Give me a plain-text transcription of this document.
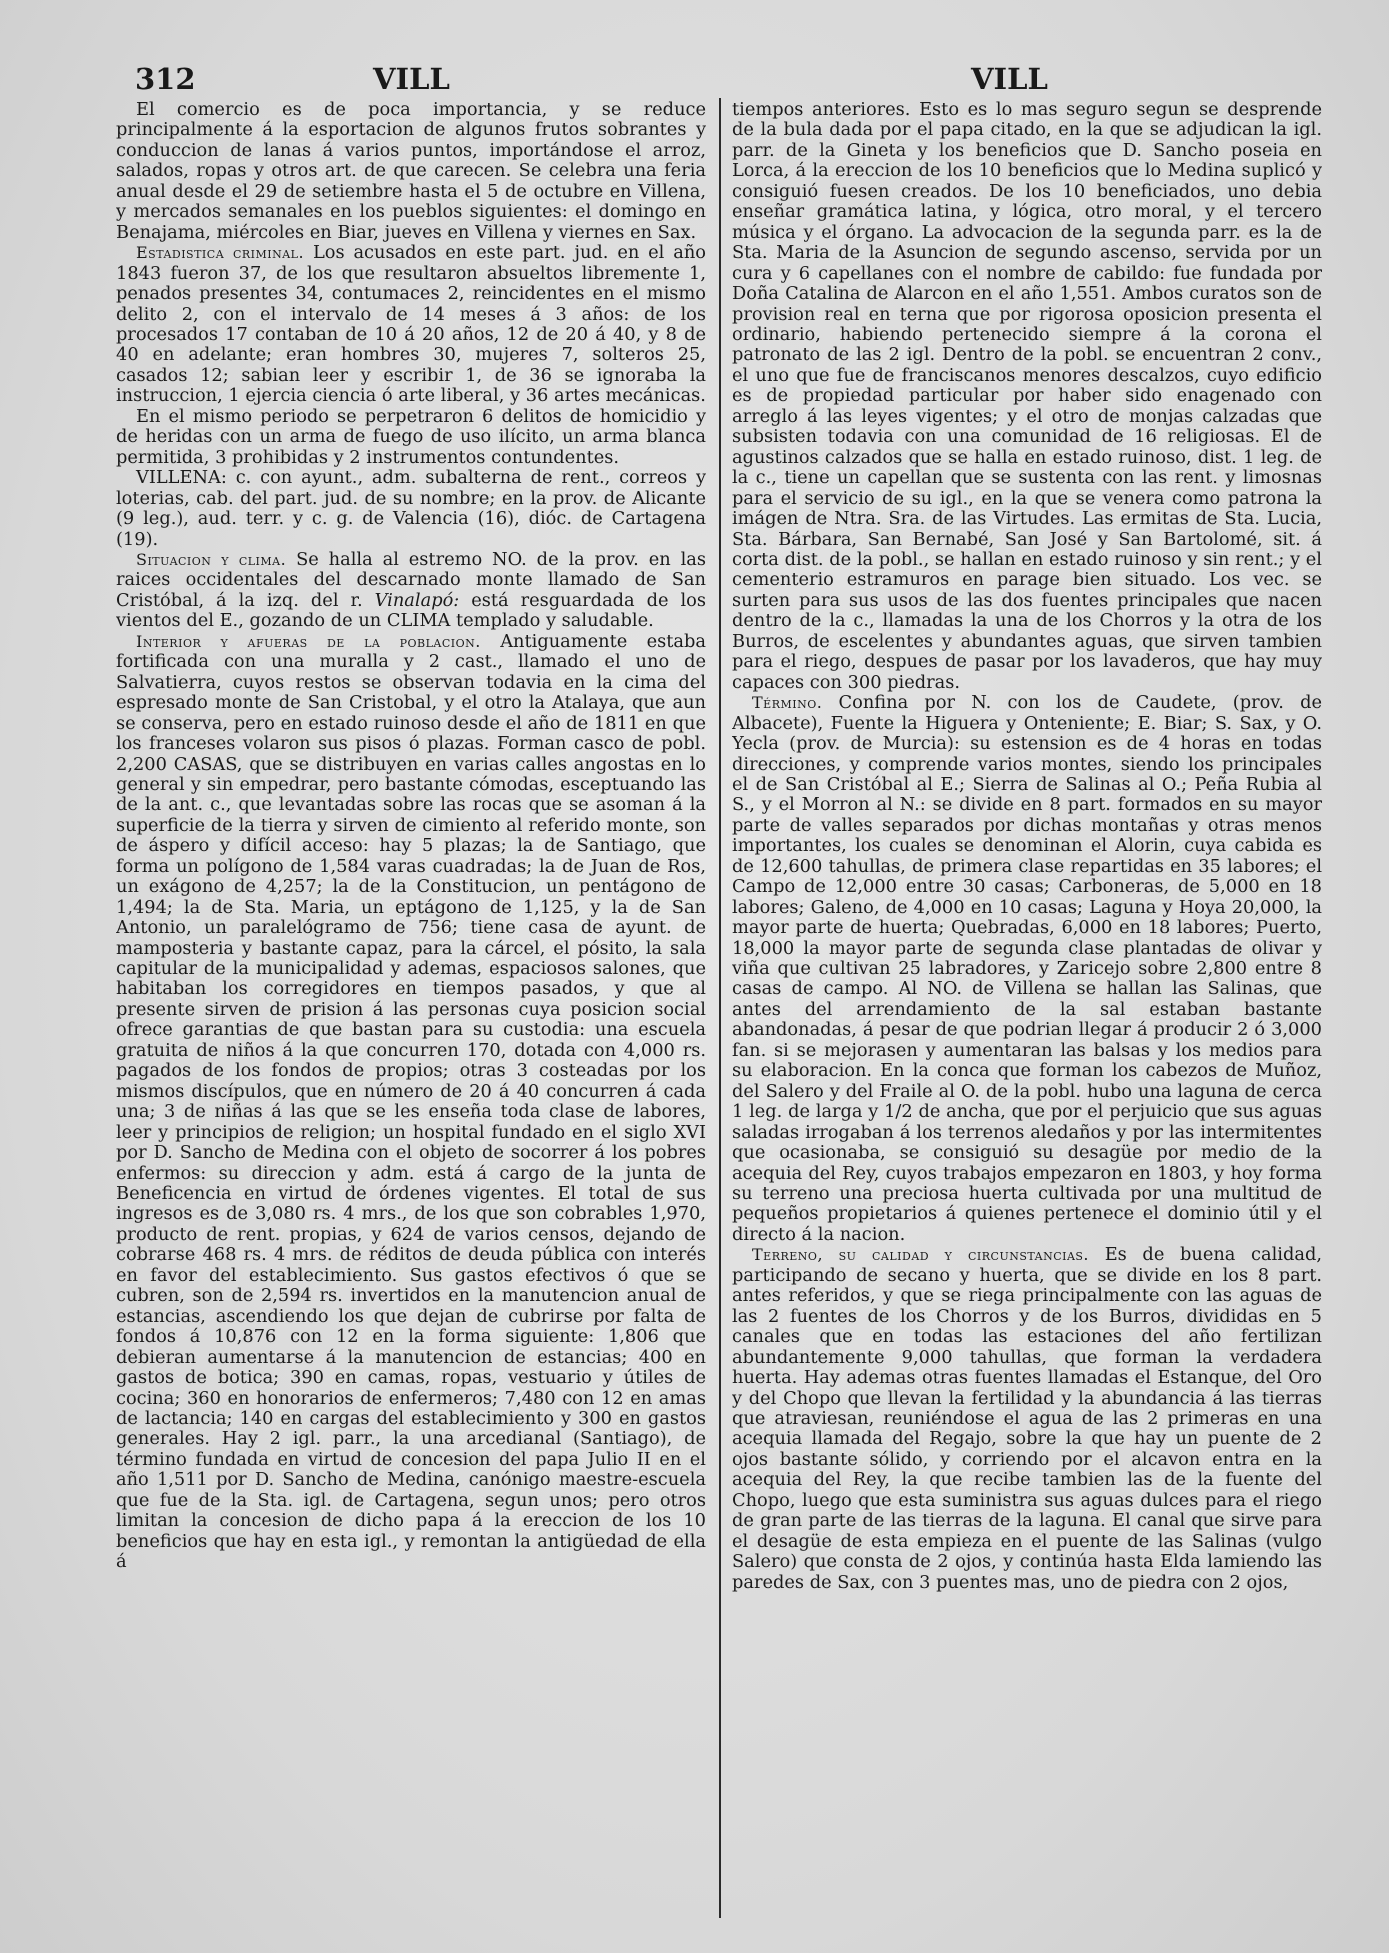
312	VILL	VILL

El comercio es de poca importancia, y se reduce principalmente á la esportacion de algunos frutos sobrantes y conduccion de lanas á varios puntos, importándose el arroz, salados, ropas y otros art. de que carecen. Se celebra una feria anual desde el 29 de setiembre hasta el 5 de octubre en Villena, y mercados semanales en los pueblos siguientes: el domingo en Benajama, miércoles en Biar, jueves en Villena y viernes en Sax.

Estadistica criminal. Los acusados en este part. jud. en el año 1843 fueron 37, de los que resultaron absueltos libremente 1, penados presentes 34, contumaces 2, reincidentes en el mismo delito 2, con el intervalo de 14 meses á 3 años: de los procesados 17 contaban de 10 á 20 años, 12 de 20 á 40, y 8 de 40 en adelante; eran hombres 30, mujeres 7, solteros 25, casados 12; sabian leer y escribir 1, de 36 se ignoraba la instruccion, 1 ejercia ciencia ó arte liberal, y 36 artes mecánicas.

En el mismo periodo se perpetraron 6 delitos de homicidio y de heridas con un arma de fuego de uso ilícito, un arma blanca permitida, 3 prohibidas y 2 instrumentos contundentes.

VILLENA: c. con ayunt., adm. subalterna de rent., correos y loterias, cab. del part. jud. de su nombre; en la prov. de Alicante (9 leg.), aud. terr. y c. g. de Valencia (16), dióc. de Cartagena (19).

Situacion y clima. Se halla al estremo NO. de la prov. en las raices occidentales del descarnado monte llamado de San Cristóbal, á la izq. del r. Vinalapó: está resguardada de los vientos del E., gozando de un CLIMA templado y saludable.

Interior y afueras de la poblacion. Antiguamente estaba fortificada con una muralla y 2 cast., llamado el uno de Salvatierra, cuyos restos se observan todavia en la cima del espresado monte de San Cristobal, y el otro la Atalaya, que aun se conserva, pero en estado ruinoso desde el año de 1811 en que los franceses volaron sus pisos ó plazas. Forman casco de pobl. 2,200 CASAS, que se distribuyen en varias calles angostas en lo general y sin empedrar, pero bastante cómodas, esceptuando las de la ant. c., que levantadas sobre las rocas que se asoman á la superficie de la tierra y sirven de cimiento al referido monte, son de áspero y difícil acceso: hay 5 plazas; la de Santiago, que forma un polígono de 1,584 varas cuadradas; la de Juan de Ros, un exágono de 4,257; la de la Constitucion, un pentágono de 1,494; la de Sta. Maria, un eptágono de 1,125, y la de San Antonio, un paralelógramo de 756; tiene casa de ayunt. de mamposteria y bastante capaz, para la cárcel, el pósito, la sala capitular de la municipalidad y ademas, espaciosos salones, que habitaban los corregidores en tiempos pasados, y que al presente sirven de prision á las personas cuya posicion social ofrece garantias de que bastan para su custodia: una escuela gratuita de niños á la que concurren 170, dotada con 4,000 rs. pagados de los fondos de propios; otras 3 costeadas por los mismos discípulos, que en número de 20 á 40 concurren á cada una; 3 de niñas á las que se les enseña toda clase de labores, leer y principios de religion; un hospital fundado en el siglo XVI por D. Sancho de Medina con el objeto de socorrer á los pobres enfermos: su direccion y adm. está á cargo de la junta de Beneficencia en virtud de órdenes vigentes. El total de sus ingresos es de 3,080 rs. 4 mrs., de los que son cobrables 1,970, producto de rent. propias, y 624 de varios censos, dejando de cobrarse 468 rs. 4 mrs. de réditos de deuda pública con interés en favor del establecimiento. Sus gastos efectivos ó que se cubren, son de 2,594 rs. invertidos en la manutencion anual de estancias, ascendiendo los que dejan de cubrirse por falta de fondos á 10,876 con 12 en la forma siguiente: 1,806 que debieran aumentarse á la manutencion de estancias; 400 en gastos de botica; 390 en camas, ropas, vestuario y útiles de cocina; 360 en honorarios de enfermeros; 7,480 con 12 en amas de lactancia; 140 en cargas del establecimiento y 300 en gastos generales. Hay 2 igl. parr., la una arcedianal (Santiago), de término fundada en virtud de concesion del papa Julio II en el año 1,511 por D. Sancho de Medina, canónigo maestre-escuela que fue de la Sta. igl. de Cartagena, segun unos; pero otros limitan la concesion de dicho papa á la ereccion de los 10 beneficios que hay en esta igl., y remontan la antigüedad de ella á

tiempos anteriores. Esto es lo mas seguro segun se desprende de la bula dada por el papa citado, en la que se adjudican la igl. parr. de la Gineta y los beneficios que D. Sancho poseia en Lorca, á la ereccion de los 10 beneficios que lo Medina suplicó y consiguió fuesen creados. De los 10 beneficiados, uno debia enseñar gramática latina, y lógica, otro moral, y el tercero música y el órgano. La advocacion de la segunda parr. es la de Sta. Maria de la Asuncion de segundo ascenso, servida por un cura y 6 capellanes con el nombre de cabildo: fue fundada por Doña Catalina de Alarcon en el año 1,551. Ambos curatos son de provision real en terna que por rigorosa oposicion presenta el ordinario, habiendo pertenecido siempre á la corona el patronato de las 2 igl. Dentro de la pobl. se encuentran 2 conv., el uno que fue de franciscanos menores descalzos, cuyo edificio es de propiedad particular por haber sido enagenado con arreglo á las leyes vigentes; y el otro de monjas calzadas que subsisten todavia con una comunidad de 16 religiosas. El de agustinos calzados que se halla en estado ruinoso, dist. 1 leg. de la c., tiene un capellan que se sustenta con las rent. y limosnas para el servicio de su igl., en la que se venera como patrona la imágen de Ntra. Sra. de las Virtudes. Las ermitas de Sta. Lucia, Sta. Bárbara, San Bernabé, San José y San Bartolomé, sit. á corta dist. de la pobl., se hallan en estado ruinoso y sin rent.; y el cementerio estramuros en parage bien situado. Los vec. se surten para sus usos de las dos fuentes principales que nacen dentro de la c., llamadas la una de los Chorros y la otra de los Burros, de escelentes y abundantes aguas, que sirven tambien para el riego, despues de pasar por los lavaderos, que hay muy capaces con 300 piedras.

Término. Confina por N. con los de Caudete, (prov. de Albacete), Fuente la Higuera y Onteniente; E. Biar; S. Sax, y O. Yecla (prov. de Murcia): su estension es de 4 horas en todas direcciones, y comprende varios montes, siendo los principales el de San Cristóbal al E.; Sierra de Salinas al O.; Peña Rubia al S., y el Morron al N.: se divide en 8 part. formados en su mayor parte de valles separados por dichas montañas y otras menos importantes, los cuales se denominan el Alorin, cuya cabida es de 12,600 tahullas, de primera clase repartidas en 35 labores; el Campo de 12,000 entre 30 casas; Carboneras, de 5,000 en 18 labores; Galeno, de 4,000 en 10 casas; Laguna y Hoya 20,000, la mayor parte de huerta; Quebradas, 6,000 en 18 labores; Puerto, 18,000 la mayor parte de segunda clase plantadas de olivar y viña que cultivan 25 labradores, y Zaricejo sobre 2,800 entre 8 casas de campo. Al NO. de Villena se hallan las Salinas, que antes del arrendamiento de la sal estaban bastante abandonadas, á pesar de que podrian llegar á producir 2 ó 3,000 fan. si se mejorasen y aumentaran las balsas y los medios para su elaboracion. En la conca que forman los cabezos de Muñoz, del Salero y del Fraile al O. de la pobl. hubo una laguna de cerca 1 leg. de larga y 1/2 de ancha, que por el perjuicio que sus aguas saladas irrogaban á los terrenos aledaños y por las intermitentes que ocasionaba, se consiguió su desagüe por medio de la acequia del Rey, cuyos trabajos empezaron en 1803, y hoy forma su terreno una preciosa huerta cultivada por una multitud de pequeños propietarios á quienes pertenece el dominio útil y el directo á la nacion.

Terreno, su calidad y circunstancias. Es de buena calidad, participando de secano y huerta, que se divide en los 8 part. antes referidos, y que se riega principalmente con las aguas de las 2 fuentes de los Chorros y de los Burros, divididas en 5 canales que en todas las estaciones del año fertilizan abundantemente 9,000 tahullas, que forman la verdadera huerta. Hay ademas otras fuentes llamadas el Estanque, del Oro y del Chopo que llevan la fertilidad y la abundancia á las tierras que atraviesan, reuniéndose el agua de las 2 primeras en una acequia llamada del Regajo, sobre la que hay un puente de 2 ojos bastante sólido, y corriendo por el alcavon entra en la acequia del Rey, la que recibe tambien las de la fuente del Chopo, luego que esta suministra sus aguas dulces para el riego de gran parte de las tierras de la laguna. El canal que sirve para el desagüe de esta empieza en el puente de las Salinas (vulgo Salero) que consta de 2 ojos, y continúa hasta Elda lamiendo las paredes de Sax, con 3 puentes mas, uno de piedra con 2 ojos,
